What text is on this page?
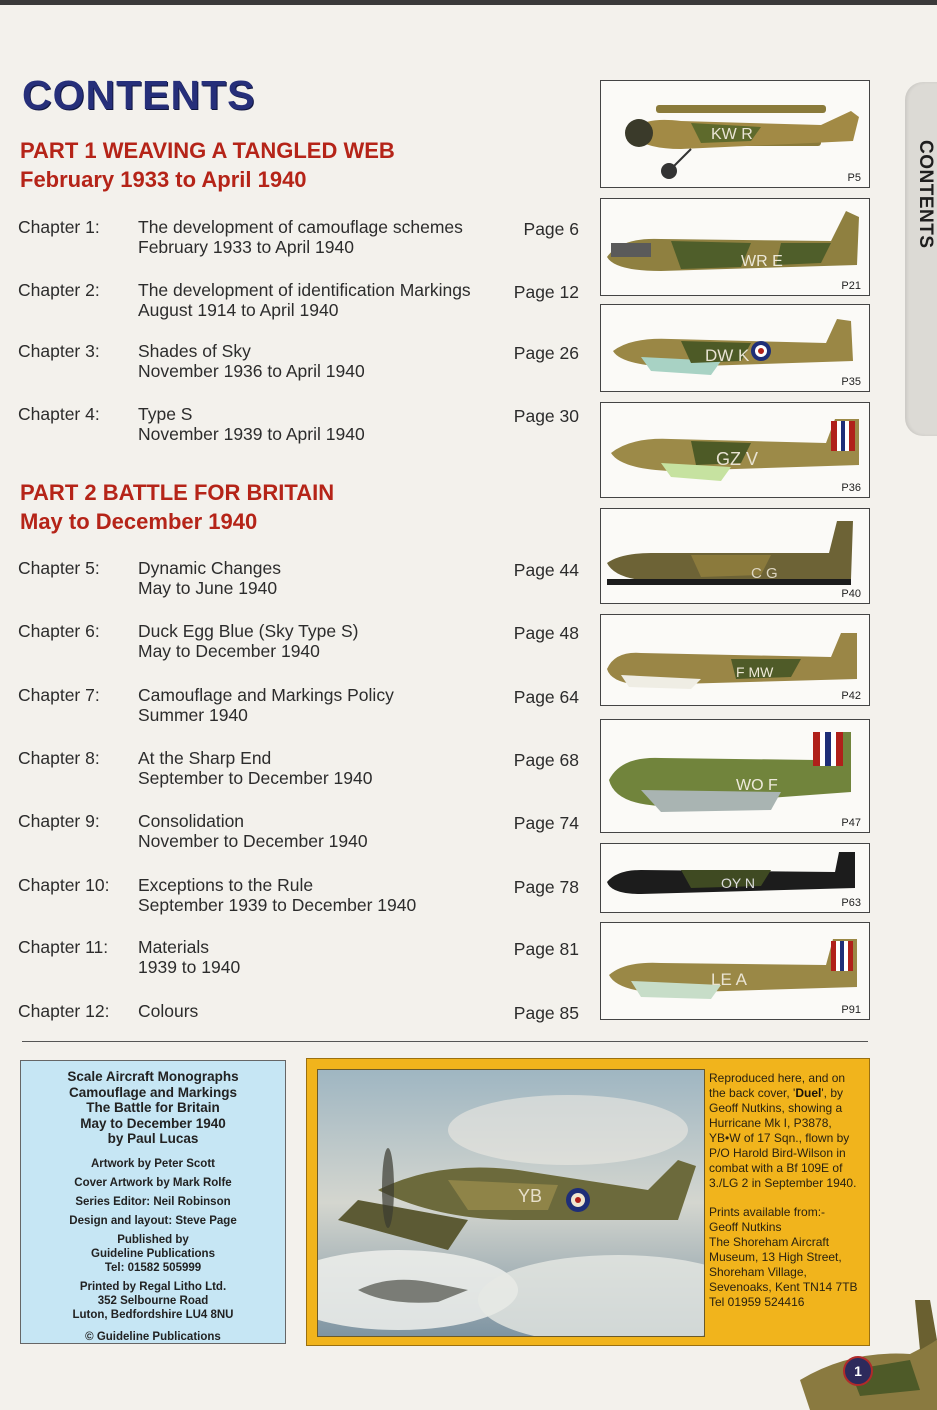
CONTENTS
CONTENTS
PART 1 WEAVING A TANGLED WEB
February 1933 to April 1940
Chapter 1: The development of camouflage schemes
February 1933 to April 1940
Page 6
Chapter 2: The development of identification Markings
August 1914 to April 1940
Page 12
Chapter 3: Shades of Sky
November 1936 to April 1940
Page 26
Chapter 4: Type S
November 1939 to April 1940
Page 30
PART 2 BATTLE FOR BRITAIN
May to December 1940
Chapter 5: Dynamic Changes
May to June 1940
Page 44
Chapter 6: Duck Egg Blue (Sky Type S)
May to December 1940
Page 48
Chapter 7: Camouflage and Markings Policy
Summer 1940
Page 64
Chapter 8: At the Sharp End
September to December 1940
Page 68
Chapter 9: Consolidation
November to December 1940
Page 74
Chapter 10: Exceptions to the Rule
September 1939 to December 1940
Page 78
Chapter 11: Materials
1939 to 1940
Page 81
Chapter 12: Colours	Page 85
KW R
P5
WR E
P21
DW K
P35
GZ V
P36
C G
P40
F MW
P42
WO F
P47
OY N
P63
LE A
P91
Scale Aircraft Monographs
Camouflage and Markings
The Battle for Britain
May to December 1940
by Paul Lucas
Artwork by Peter Scott
Cover Artwork by Mark Rolfe
Series Editor: Neil Robinson
Design and layout: Steve Page
Published by
Guideline Publications
Tel: 01582 505999
Printed by Regal Litho Ltd.
352 Selbourne Road
Luton, Bedfordshire LU4 8NU
© Guideline Publications
YB
Reproduced here, and on the back cover, 'Duel', by Geoff Nutkins, showing a Hurricane Mk I, P3878, YB•W of 17 Sqn., flown by P/O Harold Bird-Wilson in combat with a Bf 109E of 3./LG 2 in September 1940.
Prints available from:-
Geoff Nutkins
The Shoreham Aircraft Museum, 13 High Street, Shoreham Village, Sevenoaks, Kent TN14 7TB
Tel 01959 524416
1
